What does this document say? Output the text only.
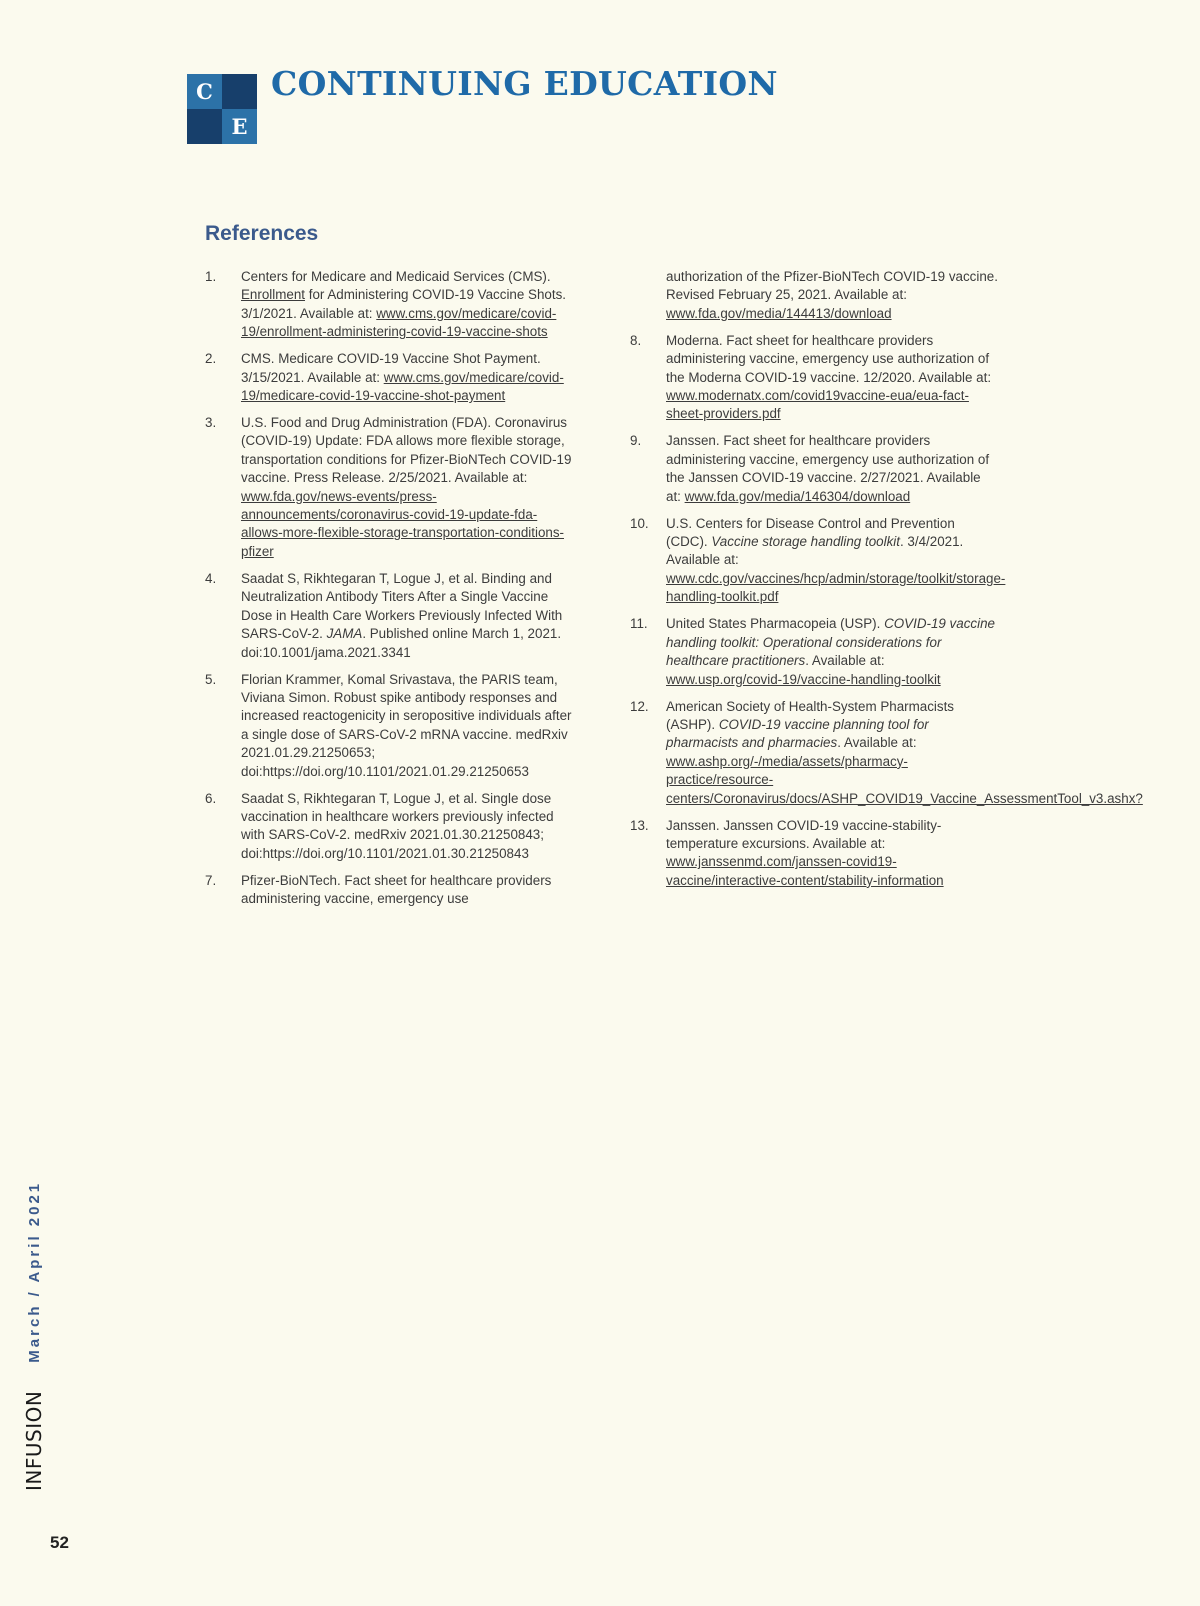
C
E
CONTINUING EDUCATION
References
1.	Centers for Medicare and Medicaid Services (CMS). Enrollment for Administering COVID-19 Vaccine Shots. 3/1/2021. Available at: www.cms.gov/medicare/covid-19/enrollment-administering-covid-19-vaccine-shots
2.	CMS. Medicare COVID-19 Vaccine Shot Payment. 3/15/2021. Available at: www.cms.gov/medicare/covid-19/medicare-covid-19-vaccine-shot-payment
3.	U.S. Food and Drug Administration (FDA). Coronavirus (COVID-19) Update: FDA allows more flexible storage, transportation conditions for Pfizer-BioNTech COVID-19 vaccine. Press Release. 2/25/2021. Available at: www.fda.gov/news-events/press-announcements/coronavirus-covid-19-update-fda-allows-more-flexible-storage-transportation-conditions-pfizer
4.	Saadat S, Rikhtegaran T, Logue J, et al. Binding and Neutralization Antibody Titers After a Single Vaccine Dose in Health Care Workers Previously Infected With SARS-CoV-2. JAMA. Published online March 1, 2021. doi:10.1001/jama.2021.3341
5.	Florian Krammer, Komal Srivastava, the PARIS team, Viviana Simon. Robust spike antibody responses and increased reactogenicity in seropositive individuals after a single dose of SARS-CoV-2 mRNA vaccine. medRxiv 2021.01.29.21250653; doi:https://doi.org/10.1101/2021.01.29.21250653
6.	Saadat S, Rikhtegaran T, Logue J, et al. Single dose vaccination in healthcare workers previously infected with SARS-CoV-2. medRxiv 2021.01.30.21250843; doi:https://doi.org/10.1101/2021.01.30.21250843
7.	Pfizer-BioNTech. Fact sheet for healthcare providers administering vaccine, emergency use
authorization of the Pfizer-BioNTech COVID-19 vaccine. Revised February 25, 2021. Available at: www.fda.gov/media/144413/download
8.	Moderna. Fact sheet for healthcare providers administering vaccine, emergency use authorization of the Moderna COVID-19 vaccine. 12/2020. Available at: www.modernatx.com/covid19vaccine-eua/eua-fact-sheet-providers.pdf
9.	Janssen. Fact sheet for healthcare providers administering vaccine, emergency use authorization of the Janssen COVID-19 vaccine. 2/27/2021. Available at: www.fda.gov/media/146304/download
10.	U.S. Centers for Disease Control and Prevention (CDC). Vaccine storage handling toolkit. 3/4/2021. Available at: www.cdc.gov/vaccines/hcp/admin/storage/toolkit/storage-handling-toolkit.pdf
11.	United States Pharmacopeia (USP). COVID-19 vaccine handling toolkit: Operational considerations for healthcare practitioners. Available at: www.usp.org/covid-19/vaccine-handling-toolkit
12.	American Society of Health-System Pharmacists (ASHP). COVID-19 vaccine planning tool for pharmacists and pharmacies. Available at: www.ashp.org/-/media/assets/pharmacy-practice/resource-centers/Coronavirus/docs/ASHP_COVID19_Vaccine_AssessmentTool_v3.ashx?
13.	Janssen. Janssen COVID-19 vaccine-stability-temperature excursions. Available at: www.janssenmd.com/janssen-covid19-vaccine/interactive-content/stability-information
INFUSION
March / April 2021
52
